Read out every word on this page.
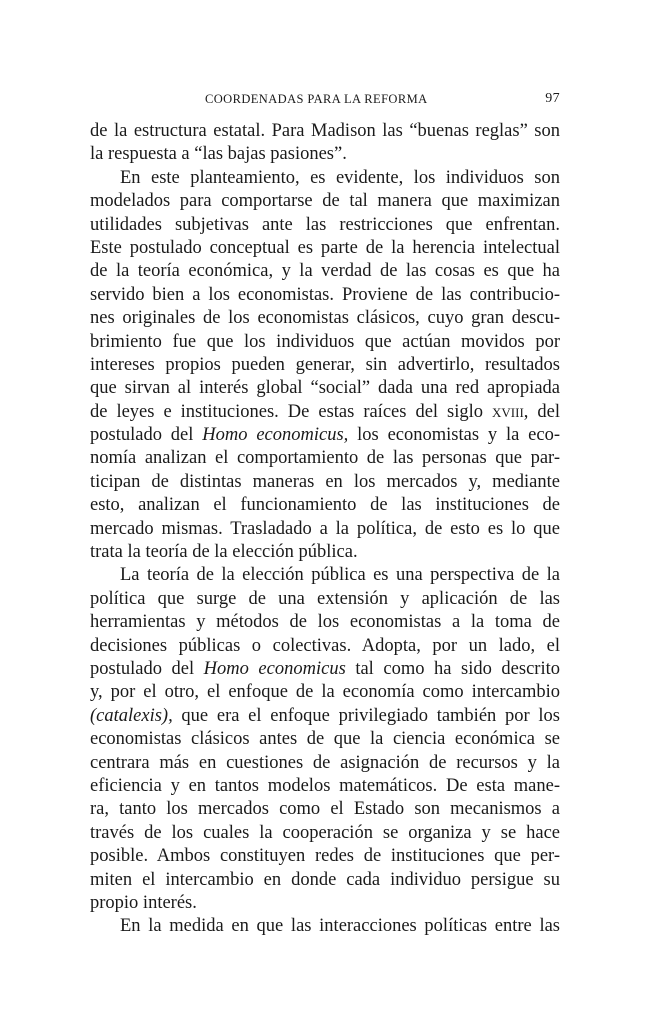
COORDENADAS PARA LA REFORMA	97
de la estructura estatal. Para Madison las “buenas reglas” son
la respuesta a “las bajas pasiones”.
En este planteamiento, es evidente, los individuos son
modelados para comportarse de tal manera que maximizan
utilidades subjetivas ante las restricciones que enfrentan.
Este postulado conceptual es parte de la herencia intelectual
de la teoría económica, y la verdad de las cosas es que ha
servido bien a los economistas. Proviene de las contribucio-
nes originales de los economistas clásicos, cuyo gran descu-
brimiento fue que los individuos que actúan movidos por
intereses propios pueden generar, sin advertirlo, resultados
que sirvan al interés global “social” dada una red apropiada
de leyes e instituciones. De estas raíces del siglo xviii, del
postulado del Homo economicus, los economistas y la eco-
nomía analizan el comportamiento de las personas que par-
ticipan de distintas maneras en los mercados y, mediante
esto, analizan el funcionamiento de las instituciones de
mercado mismas. Trasladado a la política, de esto es lo que
trata la teoría de la elección pública.
La teoría de la elección pública es una perspectiva de la
política que surge de una extensión y aplicación de las
herramientas y métodos de los economistas a la toma de
decisiones públicas o colectivas. Adopta, por un lado, el
postulado del Homo economicus tal como ha sido descrito
y, por el otro, el enfoque de la economía como intercambio
(catalexis), que era el enfoque privilegiado también por los
economistas clásicos antes de que la ciencia económica se
centrara más en cuestiones de asignación de recursos y la
eficiencia y en tantos modelos matemáticos. De esta mane-
ra, tanto los mercados como el Estado son mecanismos a
través de los cuales la cooperación se organiza y se hace
posible. Ambos constituyen redes de instituciones que per-
miten el intercambio en donde cada individuo persigue su
propio interés.
En la medida en que las interacciones políticas entre las
